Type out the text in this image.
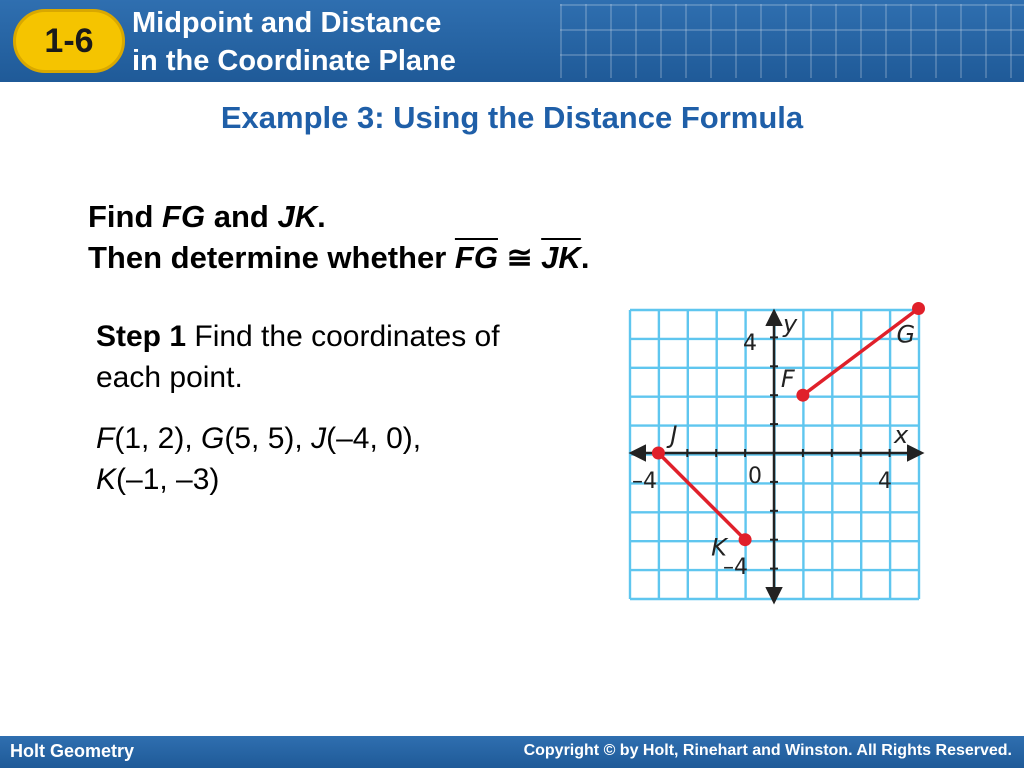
1-6	Midpoint and Distance
in the Coordinate Plane
Example 3: Using the Distance Formula
Find FG and JK.
Then determine whether $\overline{FG}$ ≅ $\overline{JK}$.
Step 1 Find the coordinates of each point.
F(1, 2), G(5, 5), J(–4, 0),
K(–1, –3)
F
G
J
K
x
y
–4	4
0
4
–4
Holt Geometry	Copyright © by Holt, Rinehart and Winston. All Rights Reserved.
